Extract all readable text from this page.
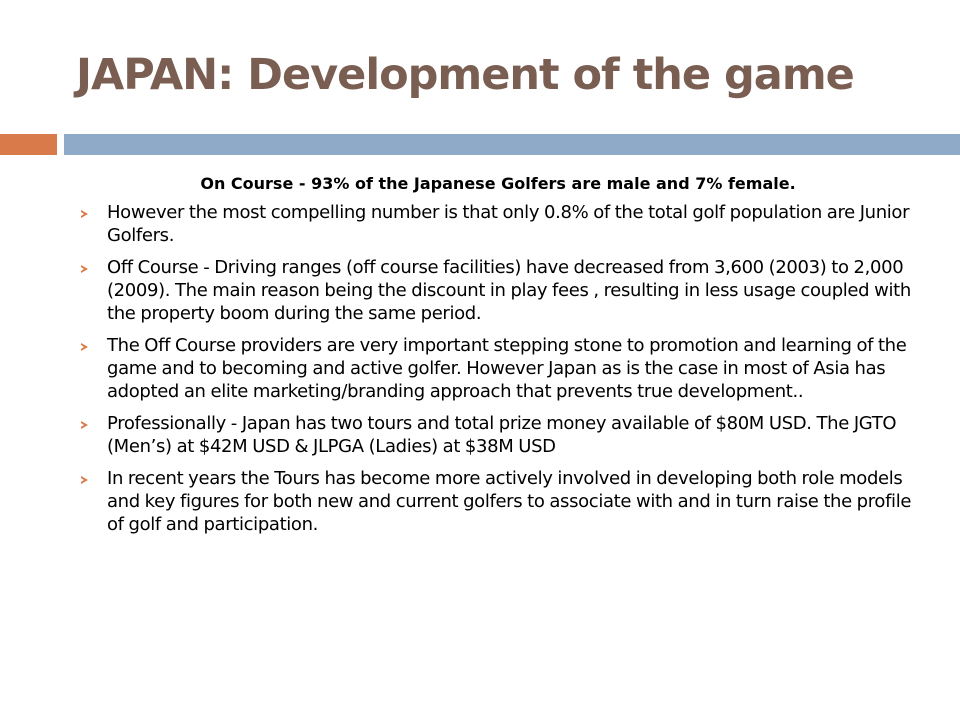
JAPAN: Development of the game

On Course - 93% of the Japanese Golfers are male and 7% female.

However the most compelling number is that only 0.8% of the total golf population are Junior Golfers.
Off Course - Driving ranges (off course facilities) have decreased from 3,600 (2003) to 2,000 (2009). The main reason being the discount in play fees , resulting in less usage coupled with the property boom during the same period.
The Off Course providers are very important stepping stone to promotion and learning of the game and to becoming and active golfer. However Japan as is the case in most of Asia has adopted an elite marketing/branding approach that prevents true development..
Professionally - Japan has two tours and total prize money available of $80M USD. The JGTO (Men’s) at $42M USD & JLPGA (Ladies) at $38M USD
In recent years the Tours has become more actively involved in developing both role models and key figures for both new and current golfers to associate with and in turn raise the profile of golf and participation.
